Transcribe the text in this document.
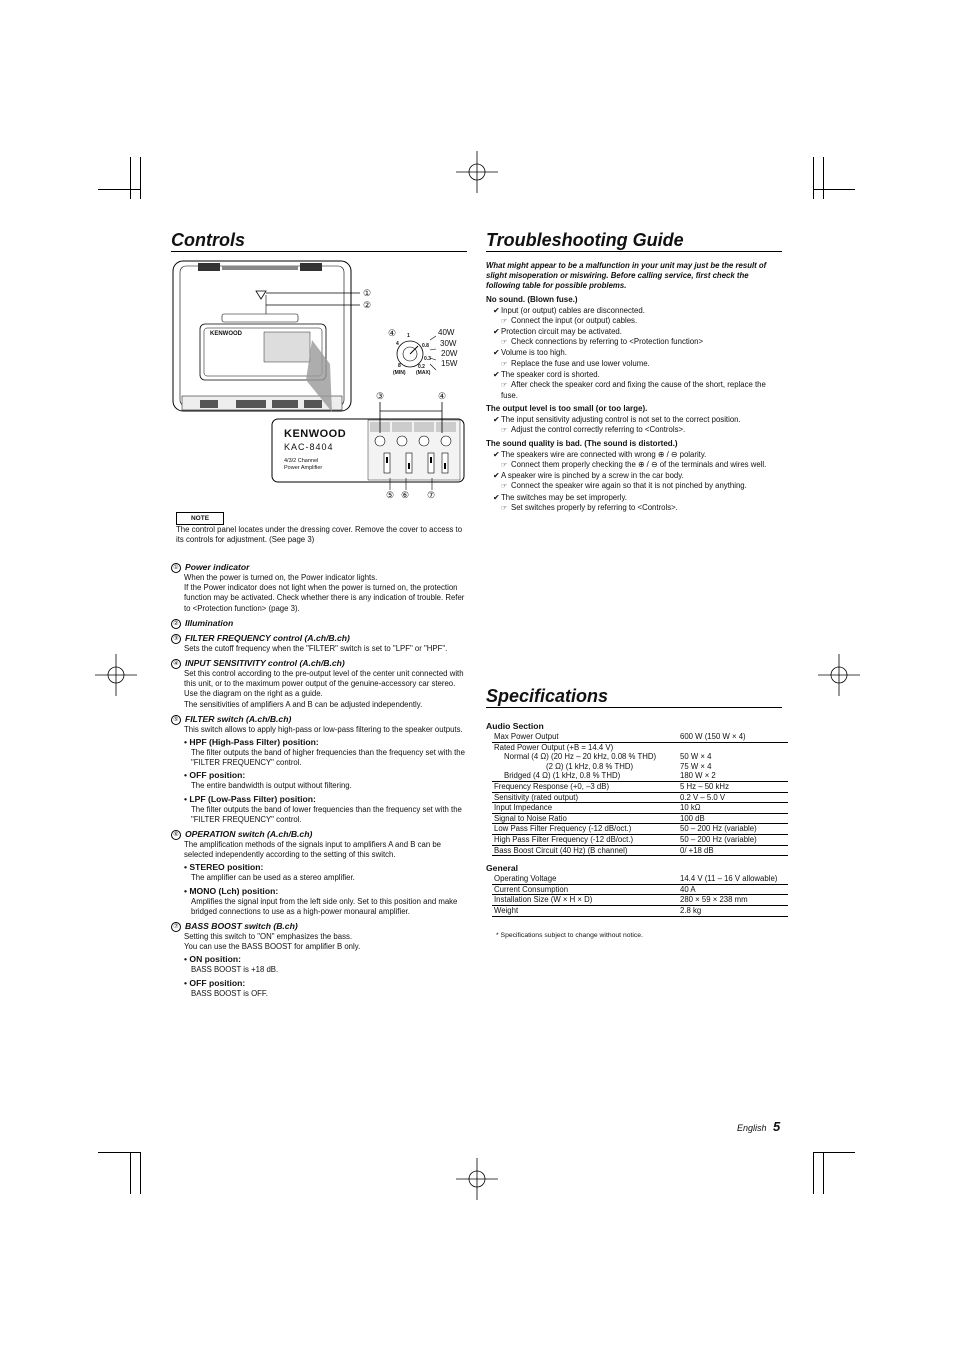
Controls
①
②
④
③	④
⑤ ⑥ ⑦
40W
30W
20W
15W
4
1
0.8
0.3
8	0.2
(MIN) (MAX)
KENWOOD
KAC-8404
4/3/2 Channel
Power Amplifier
KENWOOD
NOTE
The control panel locates under the dressing cover. Remove the cover to access to its controls for adjustment. (See page 3)
① Power indicator
When the power is turned on, the Power indicator lights.
If the Power indicator does not light when the power is turned on, the protection function may be activated. Check whether there is any indication of trouble. Refer to <Protection function> (page 3).
② Illumination
③ FILTER FREQUENCY control (A.ch/B.ch)
Sets the cutoff frequency when the "FILTER" switch is set to "LPF" or "HPF".
④ INPUT SENSITIVITY control (A.ch/B.ch)
Set this control according to the pre-output level of the center unit connected with this unit, or to the maximum power output of the genuine-accessory car stereo.
Use the diagram on the right as a guide.
The sensitivities of amplifiers A and B can be adjusted independently.
⑤ FILTER switch (A.ch/B.ch)
This switch allows to apply high-pass or low-pass filtering to the speaker outputs.
• HPF (High-Pass Filter) position:
The filter outputs the band of higher frequencies than the frequency set with the "FILTER FREQUENCY" control.
• OFF position:
The entire bandwidth is output without filtering.
• LPF (Low-Pass Filter) position:
The filter outputs the band of lower frequencies than the frequency set with the "FILTER FREQUENCY" control.
⑥ OPERATION switch (A.ch/B.ch)
The amplification methods of the signals input to amplifiers A and B can be selected independently according to the setting of this switch.
• STEREO position:
The amplifier can be used as a stereo amplifier.
• MONO (Lch) position:
Amplifies the signal input from the left side only. Set to this position and make bridged connections to use as a high-power monaural amplifier.
⑦ BASS BOOST switch (B.ch)
Setting this switch to "ON" emphasizes the bass.
You can use the BASS BOOST for amplifier B only.
• ON position:
BASS BOOST is +18 dB.
• OFF position:
BASS BOOST is OFF.
Troubleshooting Guide
What might appear to be a malfunction in your unit may just be the result of slight misoperation or miswiring. Before calling service, first check the following table for possible problems.
No sound. (Blown fuse.)
✔Input (or output) cables are disconnected.
☞ Connect the input (or output) cables.
✔Protection circuit may be activated.
☞ Check connections by referring to <Protection function>
✔Volume is too high.
☞ Replace the fuse and use lower volume.
✔The speaker cord is shorted.
☞ After check the speaker cord and fixing the cause of the short, replace the fuse.
The output level is too small (or too large).
✔The input sensitivity adjusting control is not set to the correct position.
☞ Adjust the control correctly referring to <Controls>.
The sound quality is bad. (The sound is distorted.)
✔The speakers wire are connected with wrong ⊕ / ⊖ polarity.
☞ Connect them properly checking the ⊕ / ⊖ of the terminals and wires well.
✔A speaker wire is pinched by a screw in the car body.
☞ Connect the speaker wire again so that it is not pinched by anything.
✔The switches may be set improperly.
☞ Set switches properly by referring to <Controls>.
Specifications
Audio Section
Max Power Output	600 W (150 W × 4)
Rated Power Output (+B = 14.4 V)	
Normal (4 Ω) (20 Hz – 20 kHz, 0.08 % THD)	50 W × 4
(2 Ω) (1 kHz, 0.8 % THD)	75 W × 4
Bridged (4 Ω) (1 kHz, 0.8 % THD)	180 W × 2
Frequency Response (+0, –3 dB)	5 Hz – 50 kHz
Sensitivity (rated output)	0.2 V – 5.0 V
Input Impedance	10 kΩ
Signal to Noise Ratio	100 dB
Low Pass Filter Frequency (-12 dB/oct.)	50 – 200 Hz (variable)
High Pass Filter Frequency (-12 dB/oct.)	50 – 200 Hz (variable)
Bass Boost Circuit (40 Hz) (B channel)	0/ +18 dB
General
Operating Voltage	14.4 V (11 – 16 V allowable)
Current Consumption	40 A
Installation Size (W × H × D)	280 × 59 × 238 mm
Weight	2.8 kg
* Specifications subject to change without notice.
English 5
